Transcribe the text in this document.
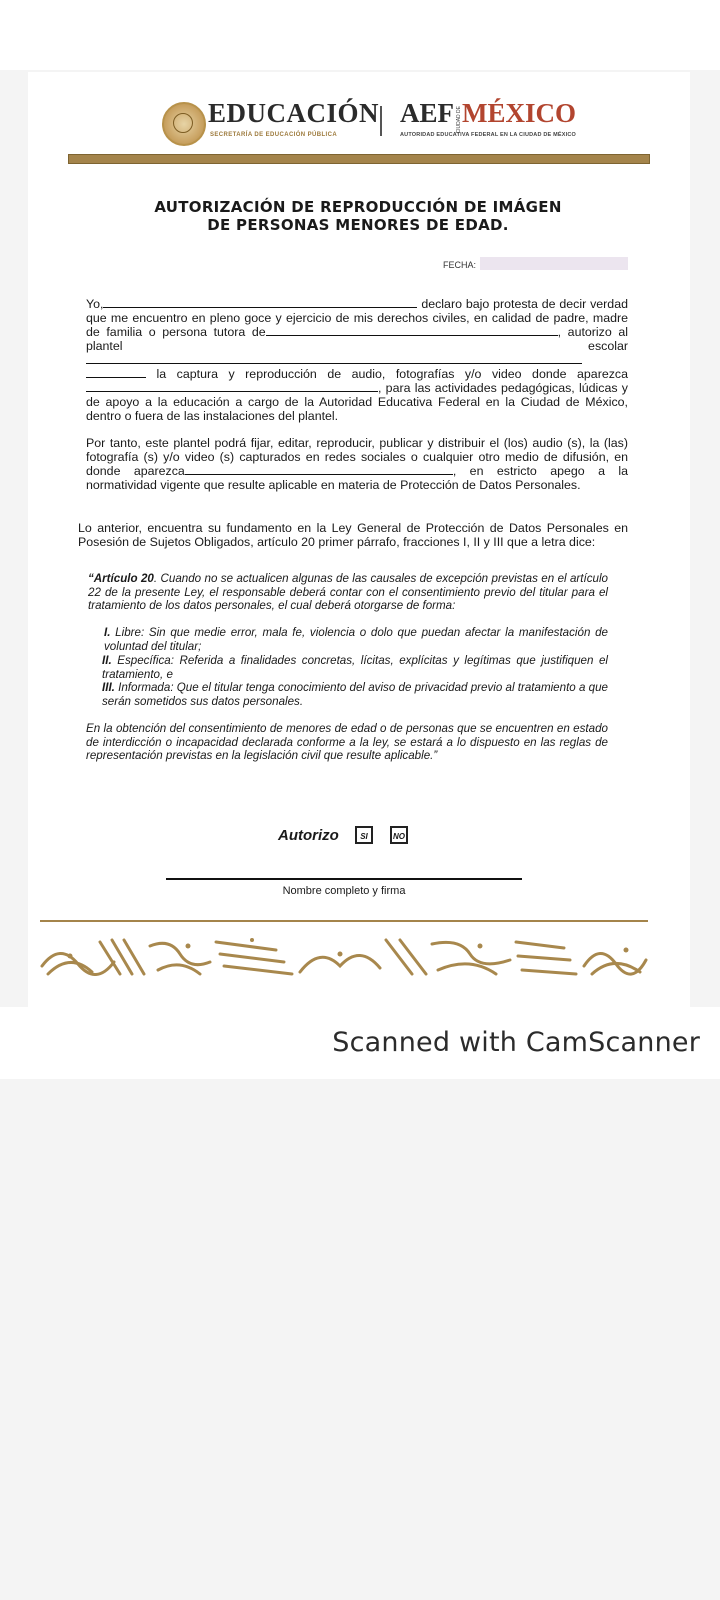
EDUCACIÓN
SECRETARÍA DE EDUCACIÓN PÚBLICA
AEF CIUDAD DE MÉXICO
AUTORIDAD EDUCATIVA FEDERAL EN LA CIUDAD DE MÉXICO
AUTORIZACIÓN DE REPRODUCCIÓN DE IMÁGEN
DE PERSONAS MENORES DE EDAD.
FECHA:

Yo,	declaro bajo protesta de decir verdad que me encuentro en pleno goce y ejercicio de mis derechos civiles, en calidad de padre, madre de familia o persona tutora de	, autorizo al plantel escolar  la captura y reproducción de audio, fotografías y/o video donde aparezca, para las actividades pedagógicas, lúdicas y de apoyo a la educación a cargo de la Autoridad Educativa Federal en la Ciudad de México, dentro o fuera de las instalaciones del plantel.

Por tanto, este plantel podrá fijar, editar, reproducir, publicar y distribuir el (los) audio (s), la (las) fotografía (s) y/o video (s) capturados en redes sociales o cualquier otro medio de difusión, en donde aparezca	, en estricto apego a la normatividad vigente que resulte aplicable en materia de Protección de Datos Personales.

Lo anterior, encuentra su fundamento en la Ley General de Protección de Datos Personales en Posesión de Sujetos Obligados, artículo 20 primer párrafo, fracciones I, II y III que a letra dice:

“Artículo 20. Cuando no se actualicen algunas de las causales de excepción previstas en el artículo 22 de la presente Ley, el responsable deberá contar con el consentimiento previo del titular para el tratamiento de los datos personales, el cual deberá otorgarse de forma:

I. Libre: Sin que medie error, mala fe, violencia o dolo que puedan afectar la manifestación de voluntad del titular;

II. Específica: Referida a finalidades concretas, lícitas, explícitas y legítimas que justifiquen el tratamiento, e

III. Informada: Que el titular tenga conocimiento del aviso de privacidad previo al tratamiento a que serán sometidos sus datos personales.

En la obtención del consentimiento de menores de edad o de personas que se encuentren en estado de interdicción o incapacidad declarada conforme a la ley, se estará a lo dispuesto en las reglas de representación previstas en la legislación civil que resulte aplicable.”

Autorizo	SI	NO
Nombre completo y firma
Scanned with CamScanner
